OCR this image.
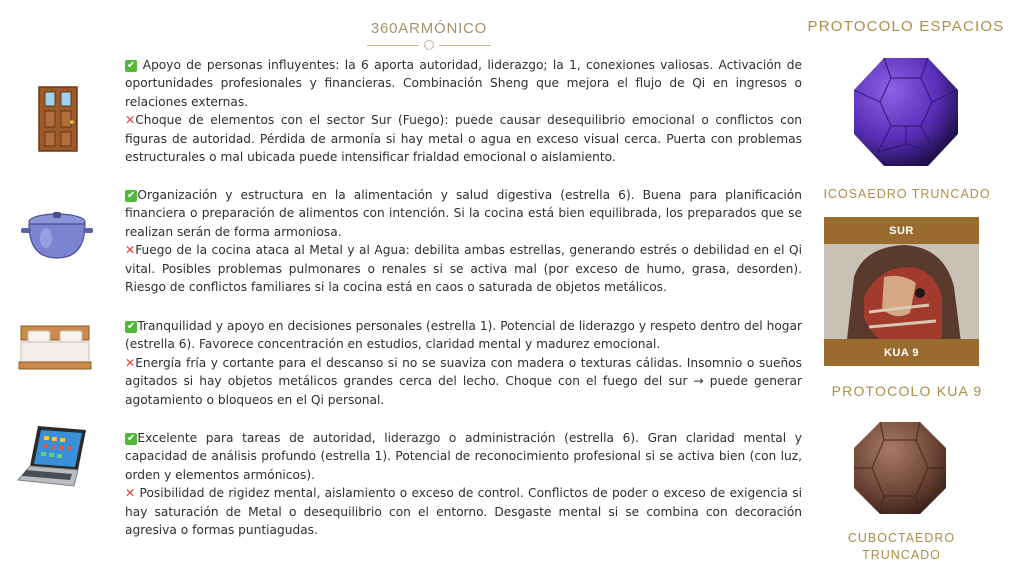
360ARMÓNICO

✔ Apoyo de personas influyentes: la 6 aporta autoridad, liderazgo; la 1, conexiones valiosas. Activación de oportunidades profesionales y financieras. Combinación Sheng que mejora el flujo de Qi en ingresos o relaciones externas.

✕Choque de elementos con el sector Sur (Fuego): puede causar desequilibrio emocional o conflictos con figuras de autoridad. Pérdida de armonía si hay metal o agua en exceso visual cerca. Puerta con problemas estructurales o mal ubicada puede intensificar frialdad emocional o aislamiento.

✔ Organización y estructura en la alimentación y salud digestiva (estrella 6). Buena para planificación financiera o preparación de alimentos con intención. Si la cocina está bien equilibrada, los preparados que se realizan serán de forma armoniosa.

✕Fuego de la cocina ataca al Metal y al Agua: debilita ambas estrellas, generando estrés o debilidad en el Qi vital. Posibles problemas pulmonares o renales si se activa mal (por exceso de humo, grasa, desorden). Riesgo de conflictos familiares si la cocina está en caos o saturada de objetos metálicos.

✔ Tranquilidad y apoyo en decisiones personales (estrella 1). Potencial de liderazgo y respeto dentro del hogar (estrella 6). Favorece concentración en estudios, claridad mental y madurez emocional.

✕Energía fría y cortante para el descanso si no se suaviza con madera o texturas cálidas. Insomnio o sueños agitados si hay objetos metálicos grandes cerca del lecho. Choque con el fuego del sur → puede generar agotamiento o bloqueos en el Qi personal.

✔ Excelente para tareas de autoridad, liderazgo o administración (estrella 6). Gran claridad mental y capacidad de análisis profundo (estrella 1). Potencial de reconocimiento profesional si se activa bien (con luz, orden y elementos armónicos).

✕ Posibilidad de rigidez mental, aislamiento o exceso de control. Conflictos de poder o exceso de exigencia si hay saturación de Metal o desequilibrio con el entorno. Desgaste mental si se combina con decoración agresiva o formas puntiagudas.

PROTOCOLO ESPACIOS
ICOSAEDRO TRUNCADO
SUR
KUA 9
PROTOCOLO KUA 9
CUBOCTAEDRO
TRUNCADO
